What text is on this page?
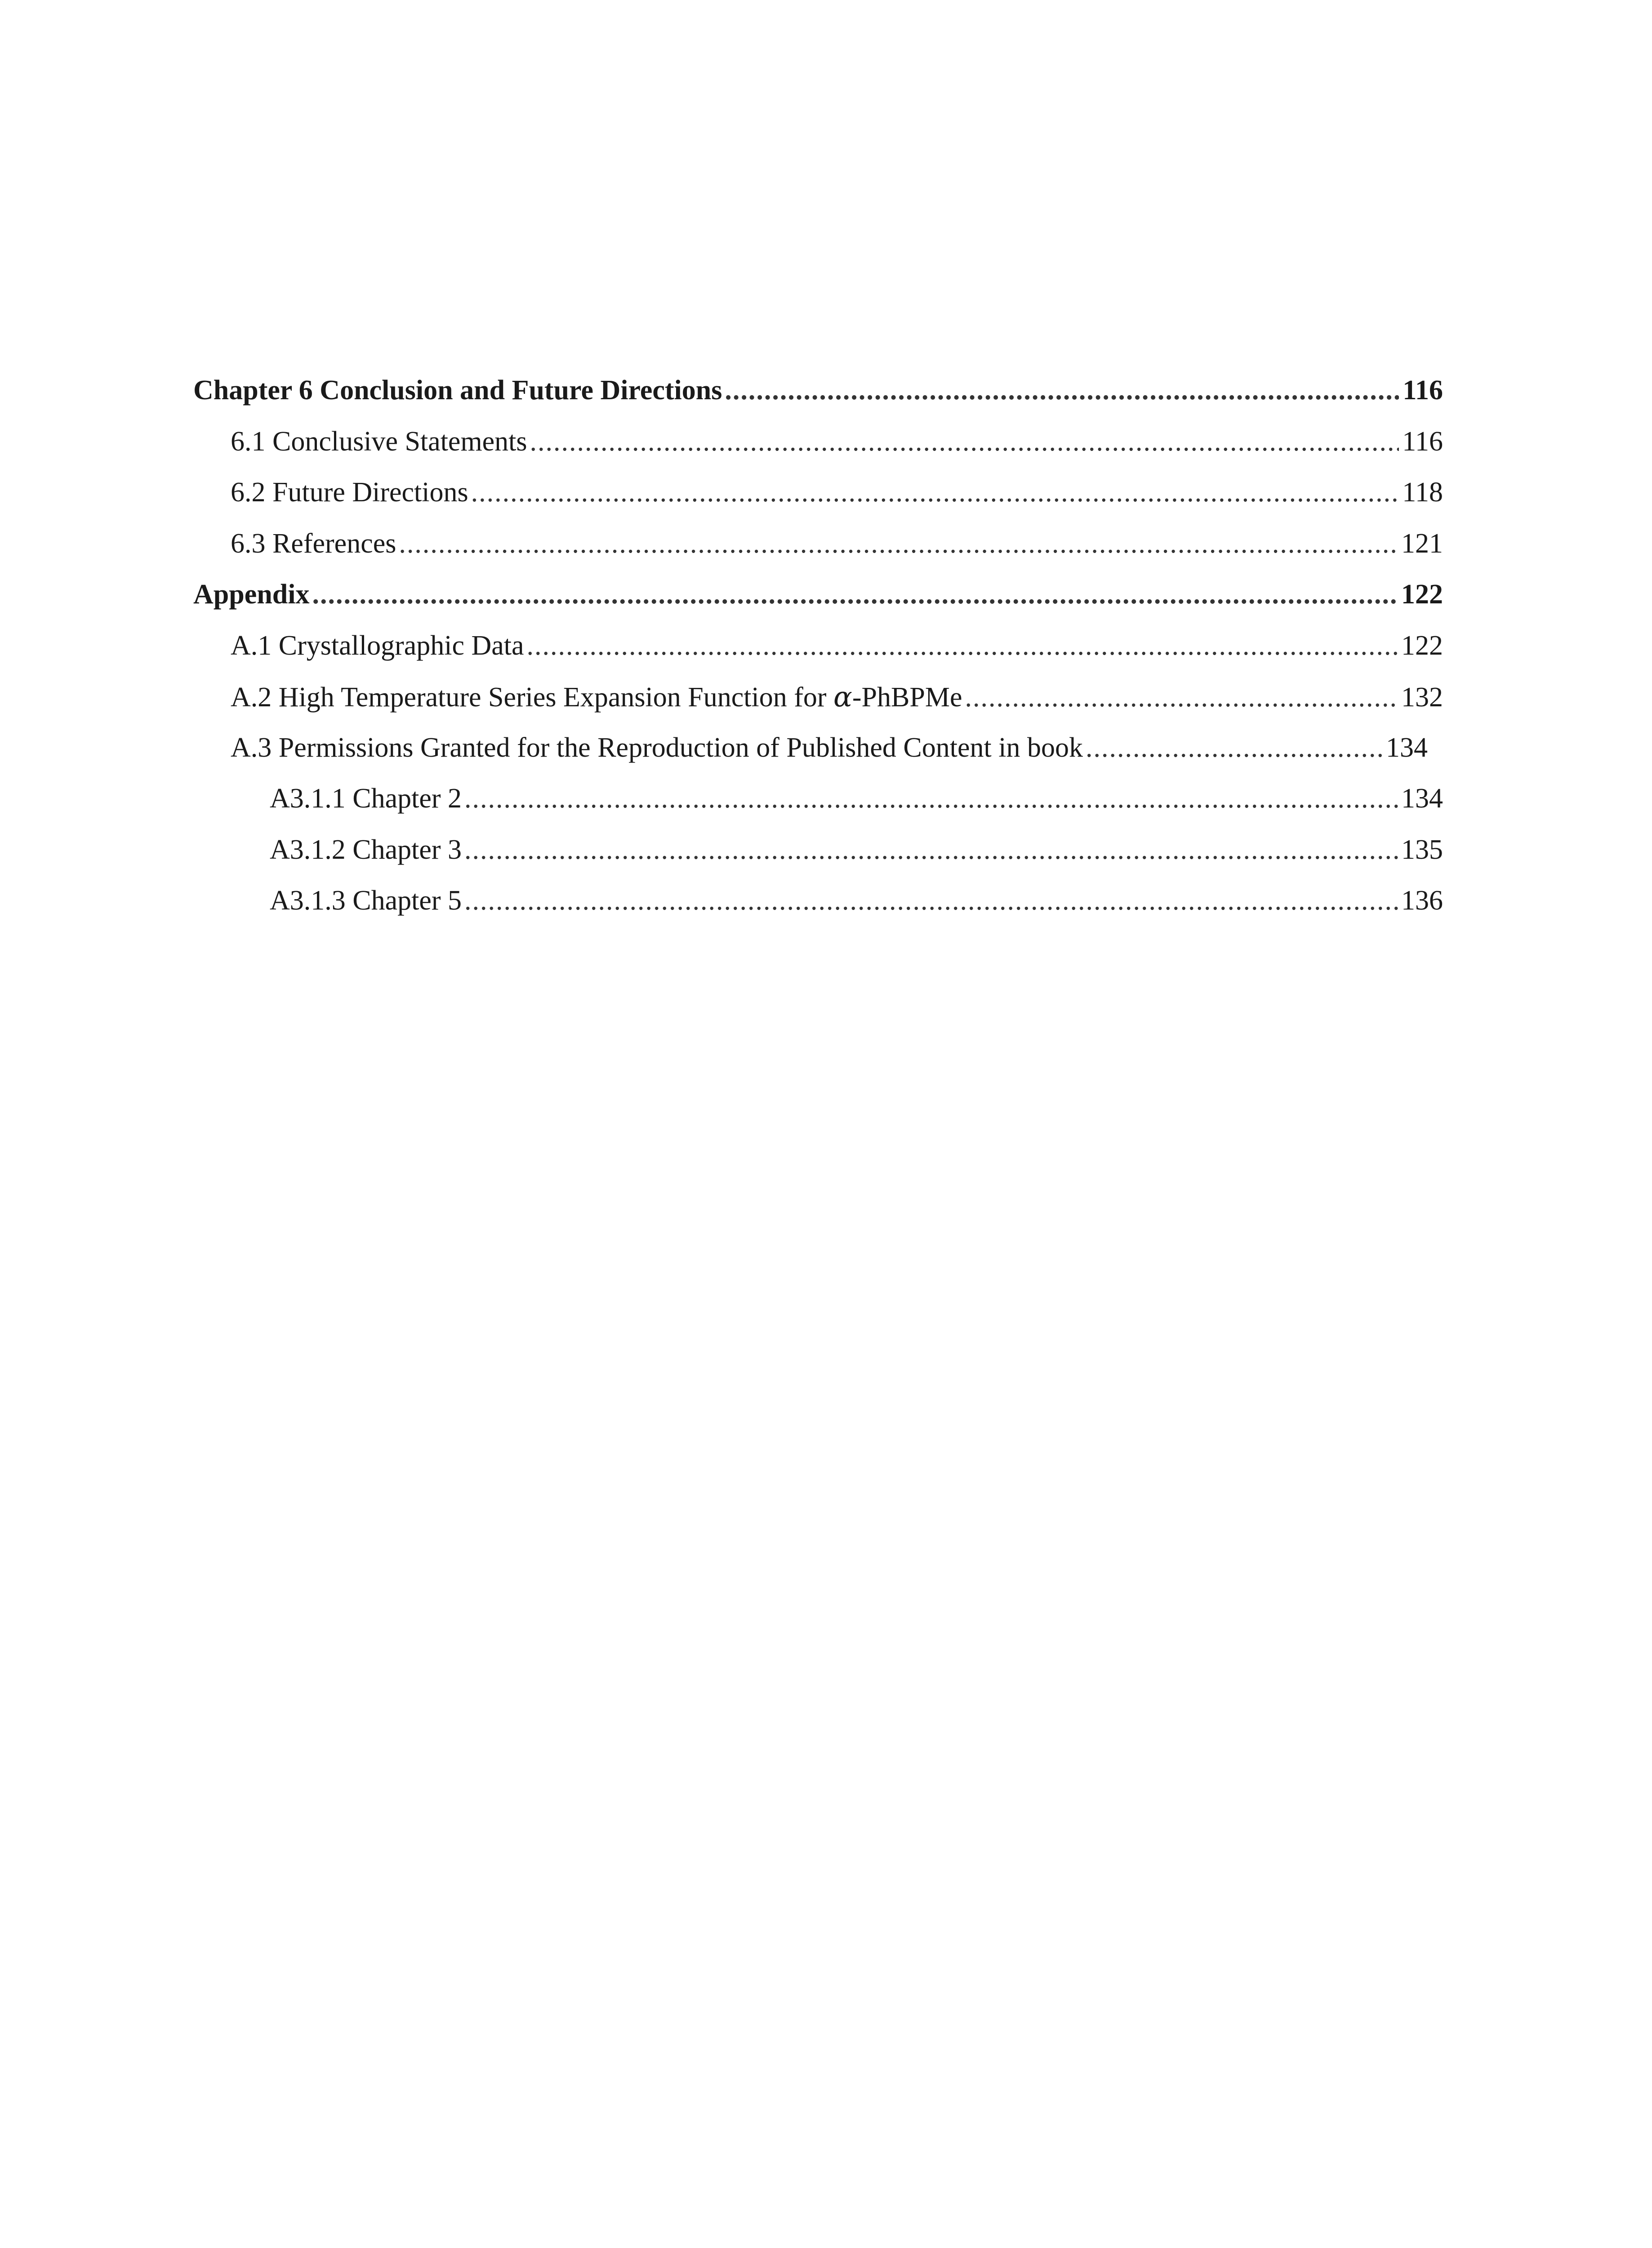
Chapter 6 Conclusion and Future Directions .....	116
6.1 Conclusive Statements .....	116
6.2 Future Directions .....	118
6.3 References .....	121
Appendix .....	122
A.1 Crystallographic Data .....	122
A.2 High Temperature Series Expansion Function for α-PhBPMe .....	132
A.3 Permissions Granted for the Reproduction of Published Content in book .....	134
A3.1.1 Chapter 2 .....	134
A3.1.2 Chapter 3 .....	135
A3.1.3 Chapter 5 .....	136
